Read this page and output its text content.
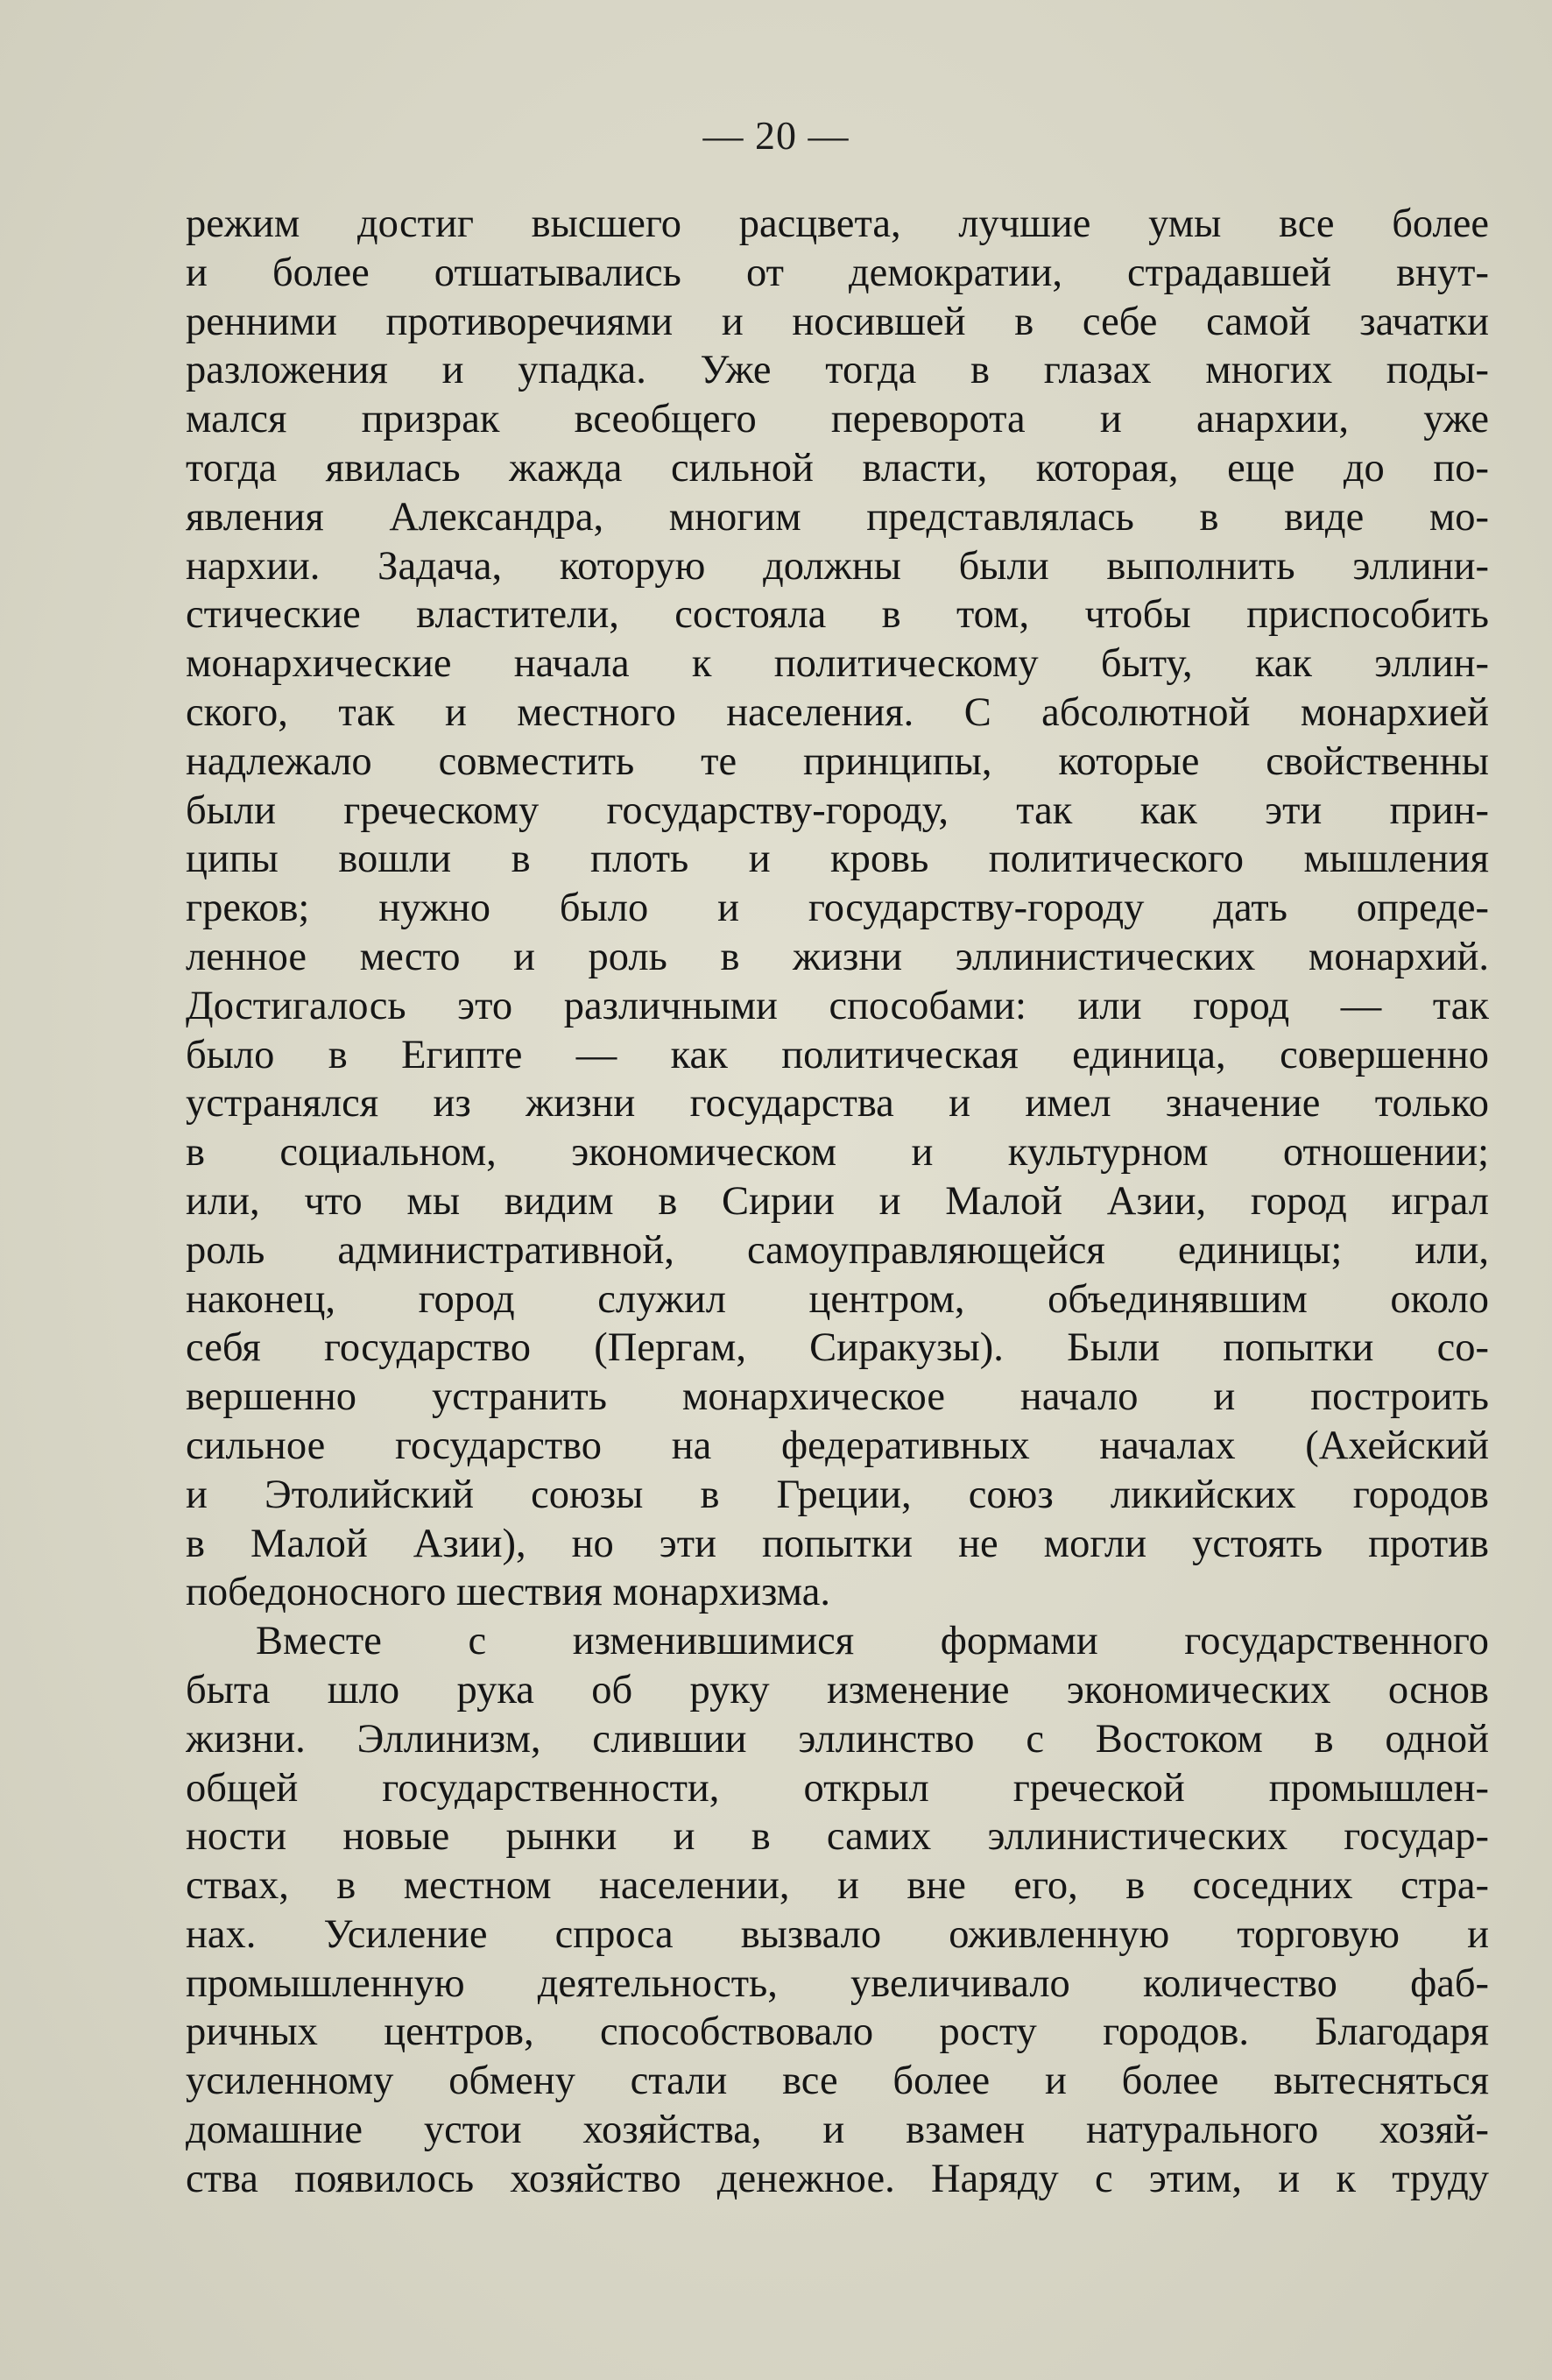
— 20 —
режим достиг высшего расцвета, лучшие умы все более
и более отшатывались от демократии, страдавшей внут-
ренними противоречиями и носившей в себе самой зачатки
разложения и упадка. Уже тогда в глазах многих поды-
мался призрак всеобщего переворота и анархии, уже
тогда явилась жажда сильной власти, которая, еще до по-
явления Александра, многим представлялась в виде мо-
нархии. Задача, которую должны были выполнить эллини-
стические властители, состояла в том, чтобы приспособить
монархические начала к политическому быту, как эллин-
ского, так и местного населения. С абсолютной монархией
надлежало совместить те принципы, которые свойственны
были греческому государству-городу, так как эти прин-
ципы вошли в плоть и кровь политического мышления
греков; нужно было и государству-городу дать опреде-
ленное место и роль в жизни эллинистических монархий.
Достигалось это различными способами: или город — так
было в Египте — как политическая единица, совершенно
устранялся из жизни государства и имел значение только
в социальном, экономическом и культурном отношении;
или, что мы видим в Сирии и Малой Азии, город играл
роль административной, самоуправляющейся единицы; или,
наконец, город служил центром, объединявшим около
себя государство (Пергам, Сиракузы). Были попытки со-
вершенно устранить монархическое начало и построить
сильное государство на федеративных началах (Ахейский
и Этолийский союзы в Греции, союз ликийских городов
в Малой Азии), но эти попытки не могли устоять против
победоносного шествия монархизма.
Вместе с изменившимися формами государственного
быта шло рука об руку изменение экономических основ
жизни. Эллинизм, слившии эллинство с Востоком в одной
общей государственности, открыл греческой промышлен-
ности новые рынки и в самих эллинистических государ-
ствах, в местном населении, и вне его, в соседних стра-
нах. Усиление спроса вызвало оживленную торговую и
промышленную деятельность, увеличивало количество фаб-
ричных центров, способствовало росту городов. Благодаря
усиленному обмену стали все более и более вытесняться
домашние устои хозяйства, и взамен натурального хозяй-
ства появилось хозяйство денежное. Наряду с этим, и к труду
